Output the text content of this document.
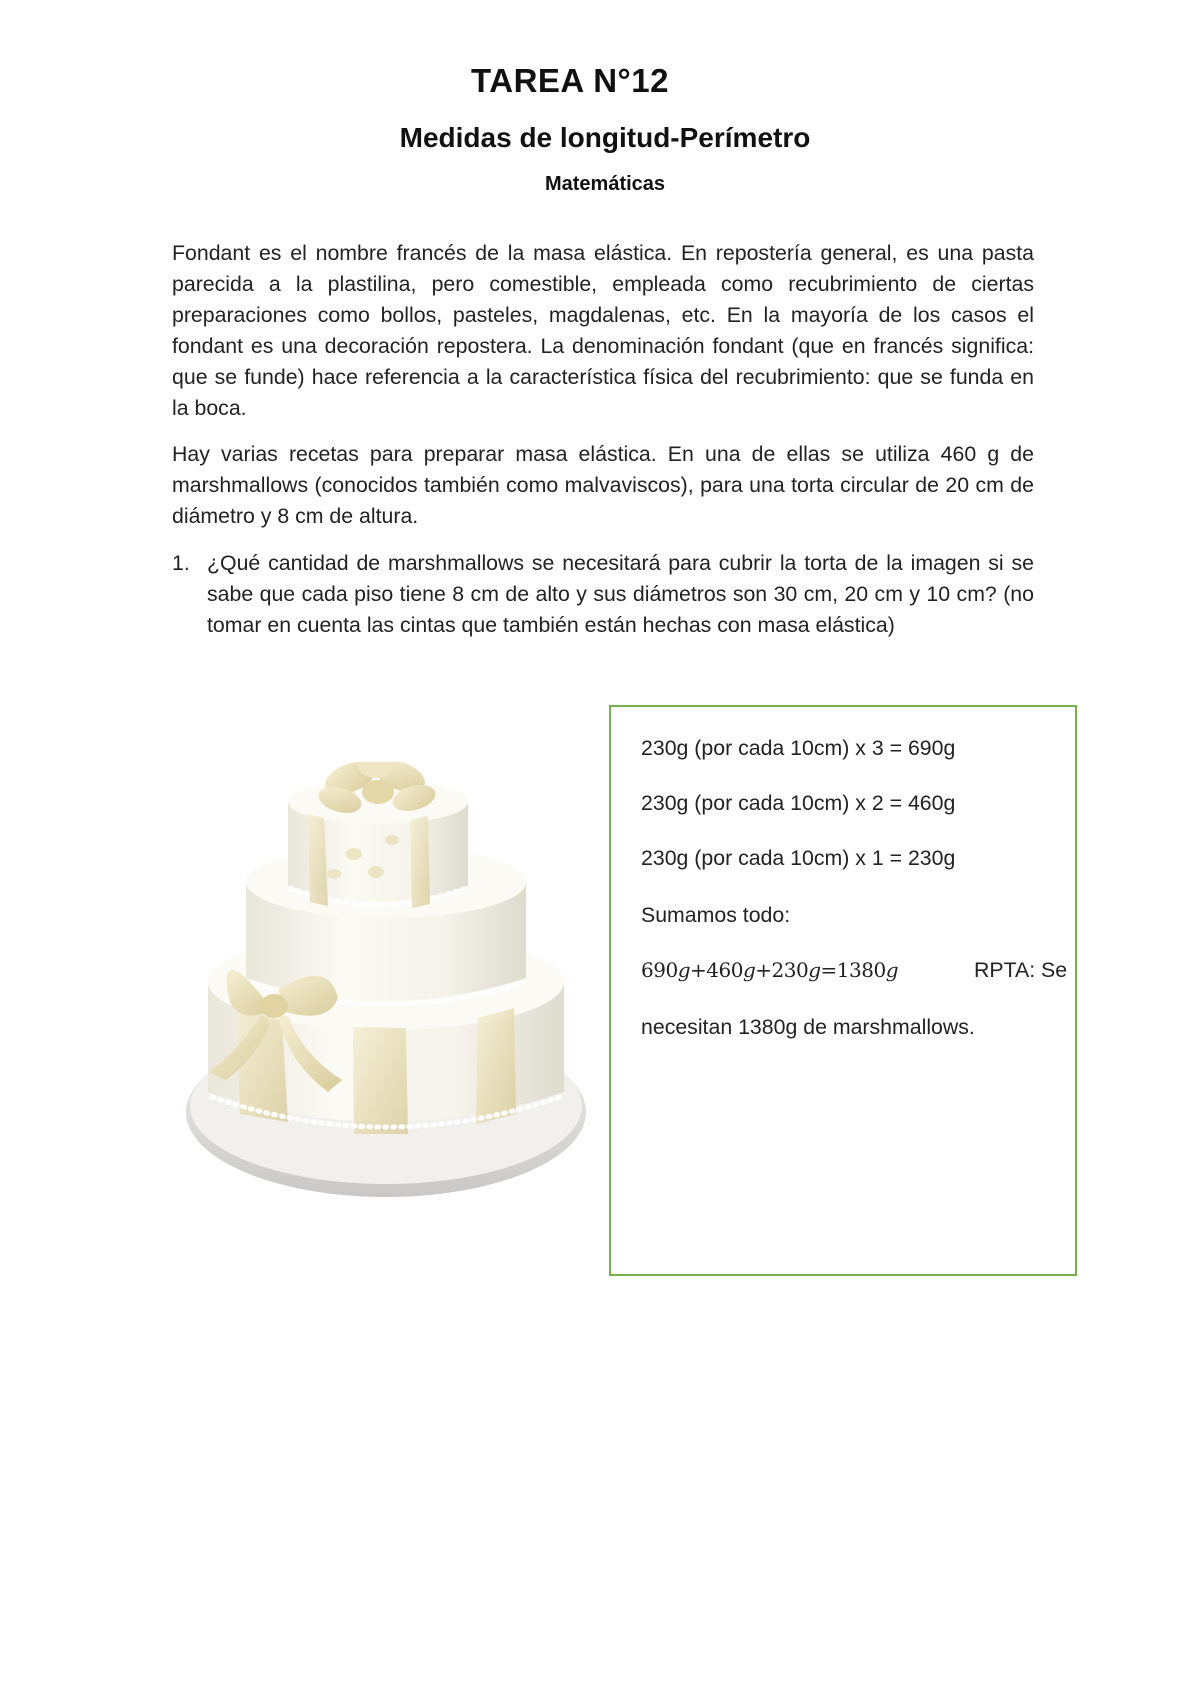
TAREA N°12
Medidas de longitud-Perímetro
Matemáticas

Fondant es el nombre francés de la masa elástica. En repostería general, es una pasta parecida a la plastilina, pero comestible, empleada como recubrimiento de ciertas preparaciones como bollos, pasteles, magdalenas, etc. En la mayoría de los casos el fondant es una decoración repostera. La denominación fondant (que en francés significa: que se funde) hace referencia a la característica física del recubrimiento: que se funda en la boca.

Hay varias recetas para preparar masa elástica. En una de ellas se utiliza 460 g de marshmallows (conocidos también como malvaviscos), para una torta circular de 20 cm de diámetro y 8 cm de altura.

1. ¿Qué cantidad de marshmallows se necesitará para cubrir la torta de la imagen si se sabe que cada piso tiene 8 cm de alto y sus diámetros son 30 cm, 20 cm y 10 cm? (no tomar en cuenta las cintas que también están hechas con masa elástica)
230g (por cada 10cm) x 3 = 690g
230g (por cada 10cm) x 2 = 460g
230g (por cada 10cm) x 1 = 230g
Sumamos todo:
690g+460g+230g=1380g	RPTA: Se
necesitan 1380g de marshmallows.
